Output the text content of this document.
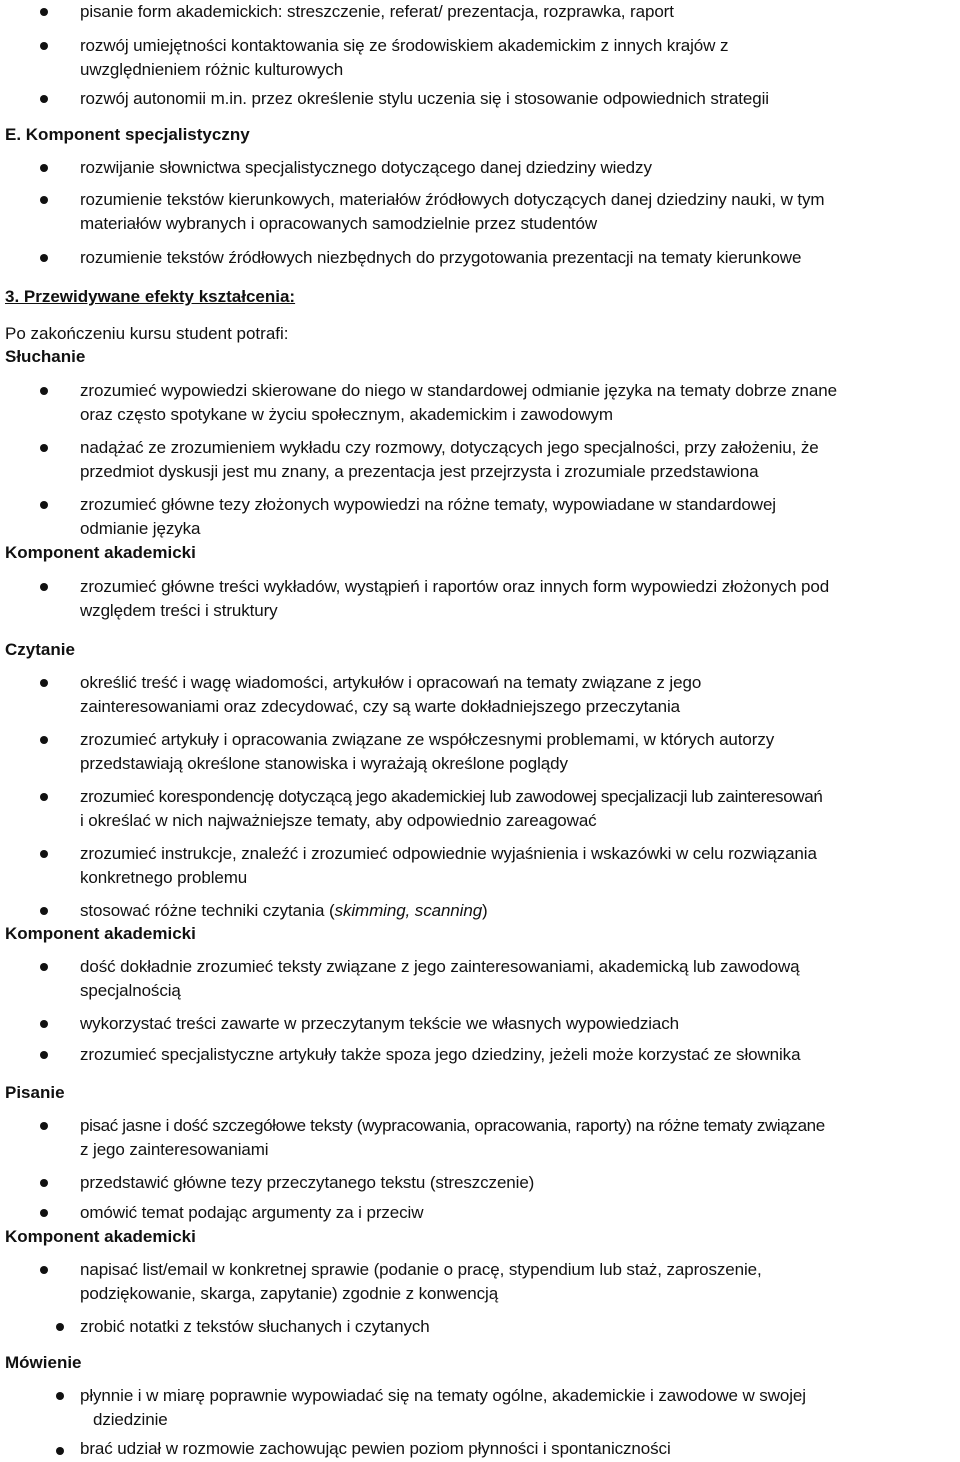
pisanie form akademickich: streszczenie, referat/ prezentacja, rozprawka, raport
rozwój umiejętności kontaktowania się ze środowiskiem akademickim z innych krajów z
uwzględnieniem różnic kulturowych
rozwój autonomii m.in. przez określenie stylu uczenia się i stosowanie odpowiednich strategii
E. Komponent specjalistyczny
rozwijanie słownictwa specjalistycznego dotyczącego danej dziedziny wiedzy
rozumienie tekstów kierunkowych, materiałów źródłowych dotyczących danej dziedziny nauki, w tym
materiałów wybranych i opracowanych samodzielnie przez studentów
rozumienie tekstów źródłowych niezbędnych do przygotowania prezentacji na tematy kierunkowe
3. Przewidywane efekty kształcenia:
Po zakończeniu kursu student potrafi:
Słuchanie
zrozumieć wypowiedzi skierowane do niego w standardowej odmianie języka na tematy dobrze znane
oraz często spotykane w życiu społecznym, akademickim i zawodowym
nadążać ze zrozumieniem wykładu czy rozmowy, dotyczących jego specjalności, przy założeniu, że
przedmiot dyskusji jest mu znany, a prezentacja jest przejrzysta i zrozumiale przedstawiona
zrozumieć główne tezy złożonych wypowiedzi na różne tematy, wypowiadane w standardowej
odmianie języka
Komponent akademicki
zrozumieć główne treści wykładów, wystąpień i raportów oraz innych form wypowiedzi złożonych pod
względem treści i struktury
Czytanie
określić treść i wagę wiadomości, artykułów i opracowań na tematy związane z jego
zainteresowaniami oraz zdecydować, czy są warte dokładniejszego przeczytania
zrozumieć artykuły i opracowania związane ze współczesnymi problemami, w których autorzy
przedstawiają określone stanowiska i wyrażają określone poglądy
zrozumieć korespondencję dotyczącą jego akademickiej lub zawodowej specjalizacji lub zainteresowań
i określać w nich najważniejsze tematy, aby odpowiednio zareagować
zrozumieć instrukcje, znaleźć i zrozumieć odpowiednie wyjaśnienia i wskazówki w celu rozwiązania
konkretnego problemu
stosować różne techniki czytania (skimming, scanning)
Komponent akademicki
dość dokładnie zrozumieć teksty związane z jego zainteresowaniami, akademicką lub zawodową
specjalnością
wykorzystać treści zawarte w przeczytanym tekście we własnych wypowiedziach
zrozumieć specjalistyczne artykuły także spoza jego dziedziny, jeżeli może korzystać ze słownika
Pisanie
pisać jasne i dość szczegółowe teksty (wypracowania, opracowania, raporty) na różne tematy związane
z jego zainteresowaniami
przedstawić główne tezy przeczytanego tekstu (streszczenie)
omówić temat podając argumenty za i przeciw
Komponent akademicki
napisać list/email w konkretnej sprawie (podanie o pracę, stypendium lub staż, zaproszenie,
podziękowanie, skarga, zapytanie) zgodnie z konwencją
zrobić notatki z tekstów słuchanych i czytanych
Mówienie
płynnie i w miarę poprawnie wypowiadać się na tematy ogólne, akademickie i zawodowe w swojej
dziedzinie
brać udział w rozmowie zachowując pewien poziom płynności i spontaniczności
